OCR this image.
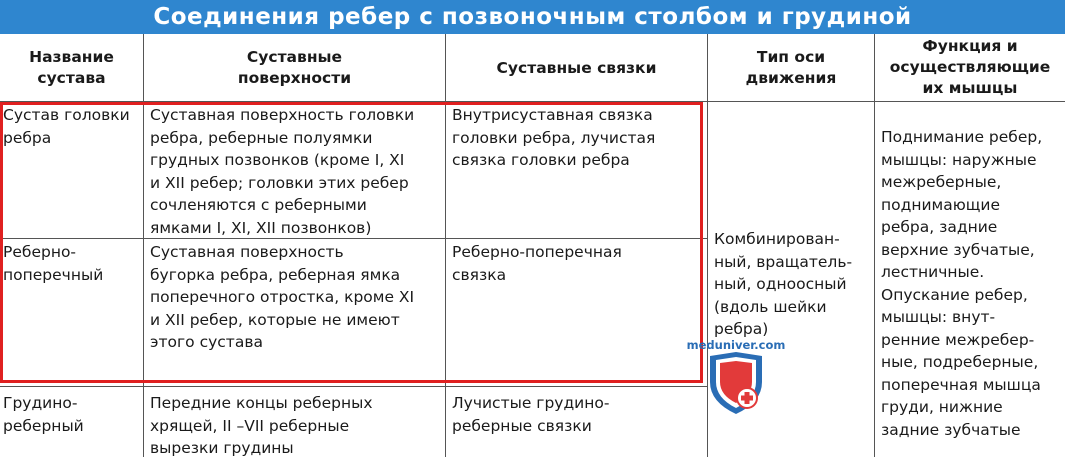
Соединения ребер с позвоночным столбом и грудиной
Название
сустава
Суставные
поверхности
Суставные связки
Тип оси
движения
Функция и
осуществляющие
их мышцы
Сустав головки
ребра
Суставная поверхность головки
ребра, реберные полуямки
грудных позвонков (кроме I, XI
и XII ребер; головки этих ребер
сочленяются с реберными
ямками I, XI, XII позвонков)
Внутрисуставная связка
головки ребра, лучистая
связка головки ребра
Реберно-
поперечный
Суставная поверхность
бугорка ребра, реберная ямка
поперечного отростка, кроме XI
и XII ребер, которые не имеют
этого сустава
Реберно-поперечная
связка
Грудино-
реберный
Передние концы реберных
хрящей, II –VII реберные
вырезки грудины
Лучистые грудино-
реберные связки
Комбинирован-
ный, вращатель-
ный, одноосный
(вдоль шейки
ребра)
Поднимание ребер,
мышцы: наружные
межреберные,
поднимающие
ребра, задние
верхние зубчатые,
лестничные.
Опускание ребер,
мышцы: внут-
ренние межребер-
ные, подреберные,
поперечная мышца
груди, нижние
задние зубчатые
meduniver.com
